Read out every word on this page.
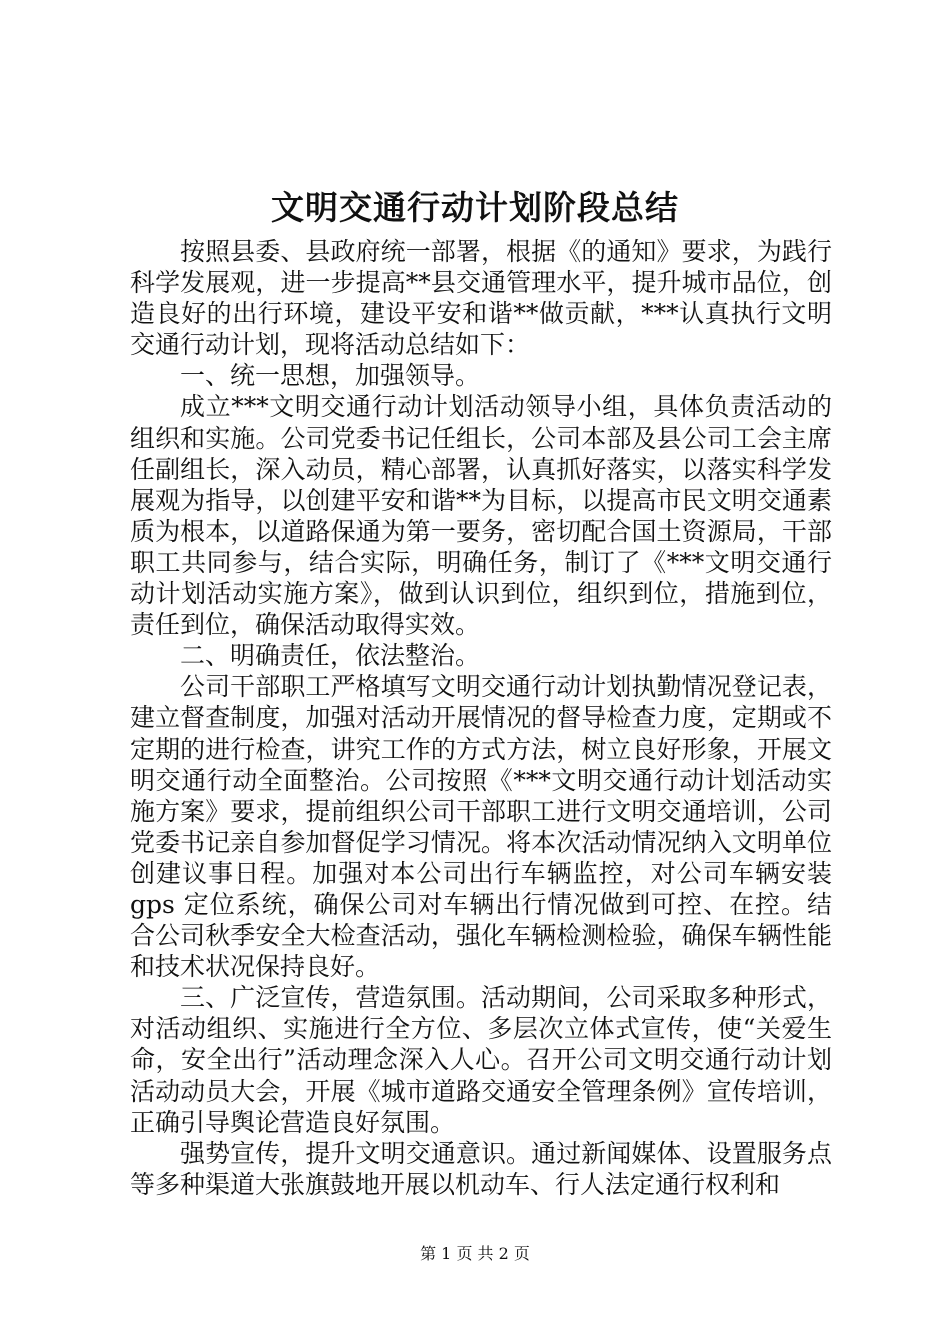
文明交通行动计划阶段总结

按照县委、县政府统一部署，根据《的通知》要求，为践行科学发展观，进一步提高**县交通管理水平，提升城市品位，创造良好的出行环境，建设平安和谐**做贡献，***认真执行文明交通行动计划，现将活动总结如下：

一、统一思想，加强领导。

成立***文明交通行动计划活动领导小组，具体负责活动的组织和实施。公司党委书记任组长，公司本部及县公司工会主席任副组长，深入动员，精心部署，认真抓好落实，以落实科学发展观为指导，以创建平安和谐**为目标，以提高市民文明交通素质为根本，以道路保通为第一要务，密切配合国土资源局，干部职工共同参与，结合实际，明确任务，制订了《***文明交通行动计划活动实施方案》，做到认识到位，组织到位，措施到位，责任到位，确保活动取得实效。

二、明确责任，依法整治。

公司干部职工严格填写文明交通行动计划执勤情况登记表，建立督查制度，加强对活动开展情况的督导检查力度，定期或不定期的进行检查，讲究工作的方式方法，树立良好形象，开展文明交通行动全面整治。公司按照《***文明交通行动计划活动实施方案》要求，提前组织公司干部职工进行文明交通培训，公司党委书记亲自参加督促学习情况。将本次活动情况纳入文明单位创建议事日程。加强对本公司出行车辆监控，对公司车辆安装 gps 定位系统，确保公司对车辆出行情况做到可控、在控。结合公司秋季安全大检查活动，强化车辆检测检验，确保车辆性能和技术状况保持良好。

三、广泛宣传，营造氛围。活动期间，公司采取多种形式，对活动组织、实施进行全方位、多层次立体式宣传，使“关爱生命，安全出行”活动理念深入人心。召开公司文明交通行动计划活动动员大会，开展《城市道路交通安全管理条例》宣传培训，正确引导舆论营造良好氛围。

强势宣传，提升文明交通意识。通过新闻媒体、设置服务点等多种渠道大张旗鼓地开展以机动车、行人法定通行权利和

第 1 页 共 2 页
